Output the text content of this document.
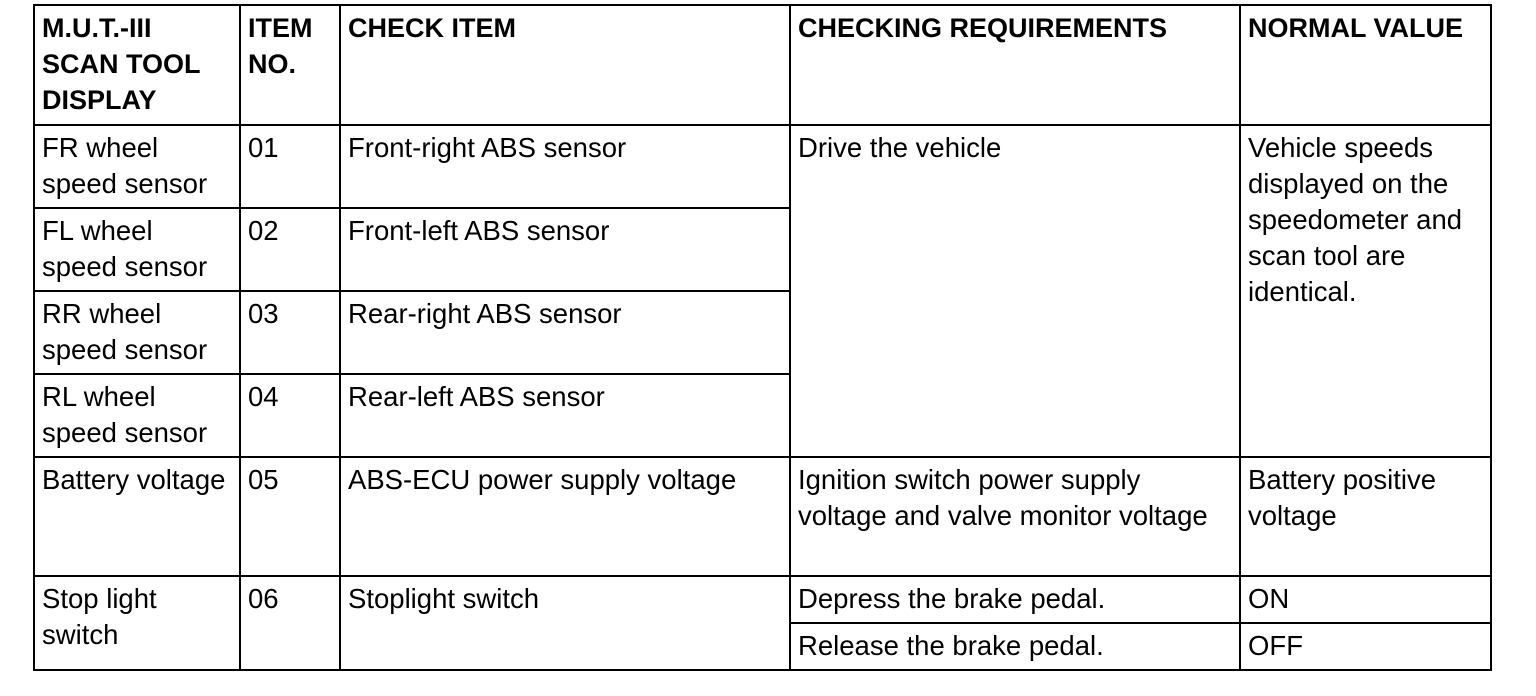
M.U.T.-III SCAN TOOL DISPLAY	ITEM NO.	CHECK ITEM	CHECKING REQUIREMENTS	NORMAL VALUE
FR wheel speed sensor	01	Front-right ABS sensor	Drive the vehicle	Vehicle speeds displayed on the speedometer and scan tool are identical.
FL wheel speed sensor	02	Front-left ABS sensor		
RR wheel speed sensor	03	Rear-right ABS sensor		
RL wheel speed sensor	04	Rear-left ABS sensor		
Battery voltage	05	ABS-ECU power supply voltage	Ignition switch power supply voltage and valve monitor voltage	Battery positive voltage
Stop light switch	06	Stoplight switch	Depress the brake pedal.	ON
			Release the brake pedal.	OFF
